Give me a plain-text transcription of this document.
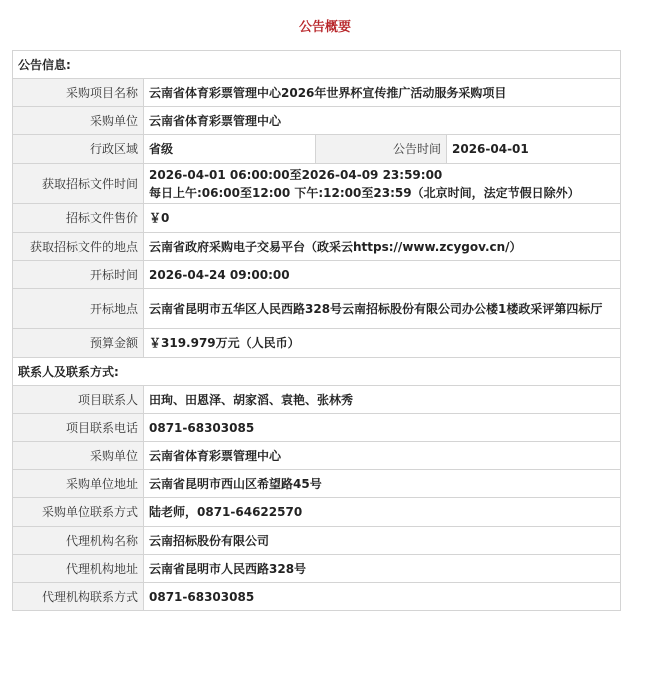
公告概要
公告信息:			
采购项目名称	云南省体育彩票管理中心2026年世界杯宣传推广活动服务采购项目		
采购单位	云南省体育彩票管理中心		
行政区域	省级	公告时间	2026-04-01
获取招标文件时间	2026-04-01 06:00:00至2026-04-09 23:59:00
每日上午:06:00至12:00 下午:12:00至23:59（北京时间，法定节假日除外）		

招标文件售价	￥0		
获取招标文件的地点	云南省政府采购电子交易平台（政采云https://www.zcygov.cn/）		
开标时间	2026-04-24 09:00:00		
开标地点	云南省昆明市五华区人民西路328号云南招标股份有限公司办公楼1楼政采评第四标厅		
预算金额	￥319.979万元（人民币）		
联系人及联系方式:			
项目联系人	田珣、田恩泽、胡家滔、袁艳、张林秀		
项目联系电话	0871-68303085		
采购单位	云南省体育彩票管理中心		
采购单位地址	云南省昆明市西山区希望路45号		
采购单位联系方式	陆老师，0871-64622570		
代理机构名称	云南招标股份有限公司		
代理机构地址	云南省昆明市人民西路328号		
代理机构联系方式	0871-68303085		
